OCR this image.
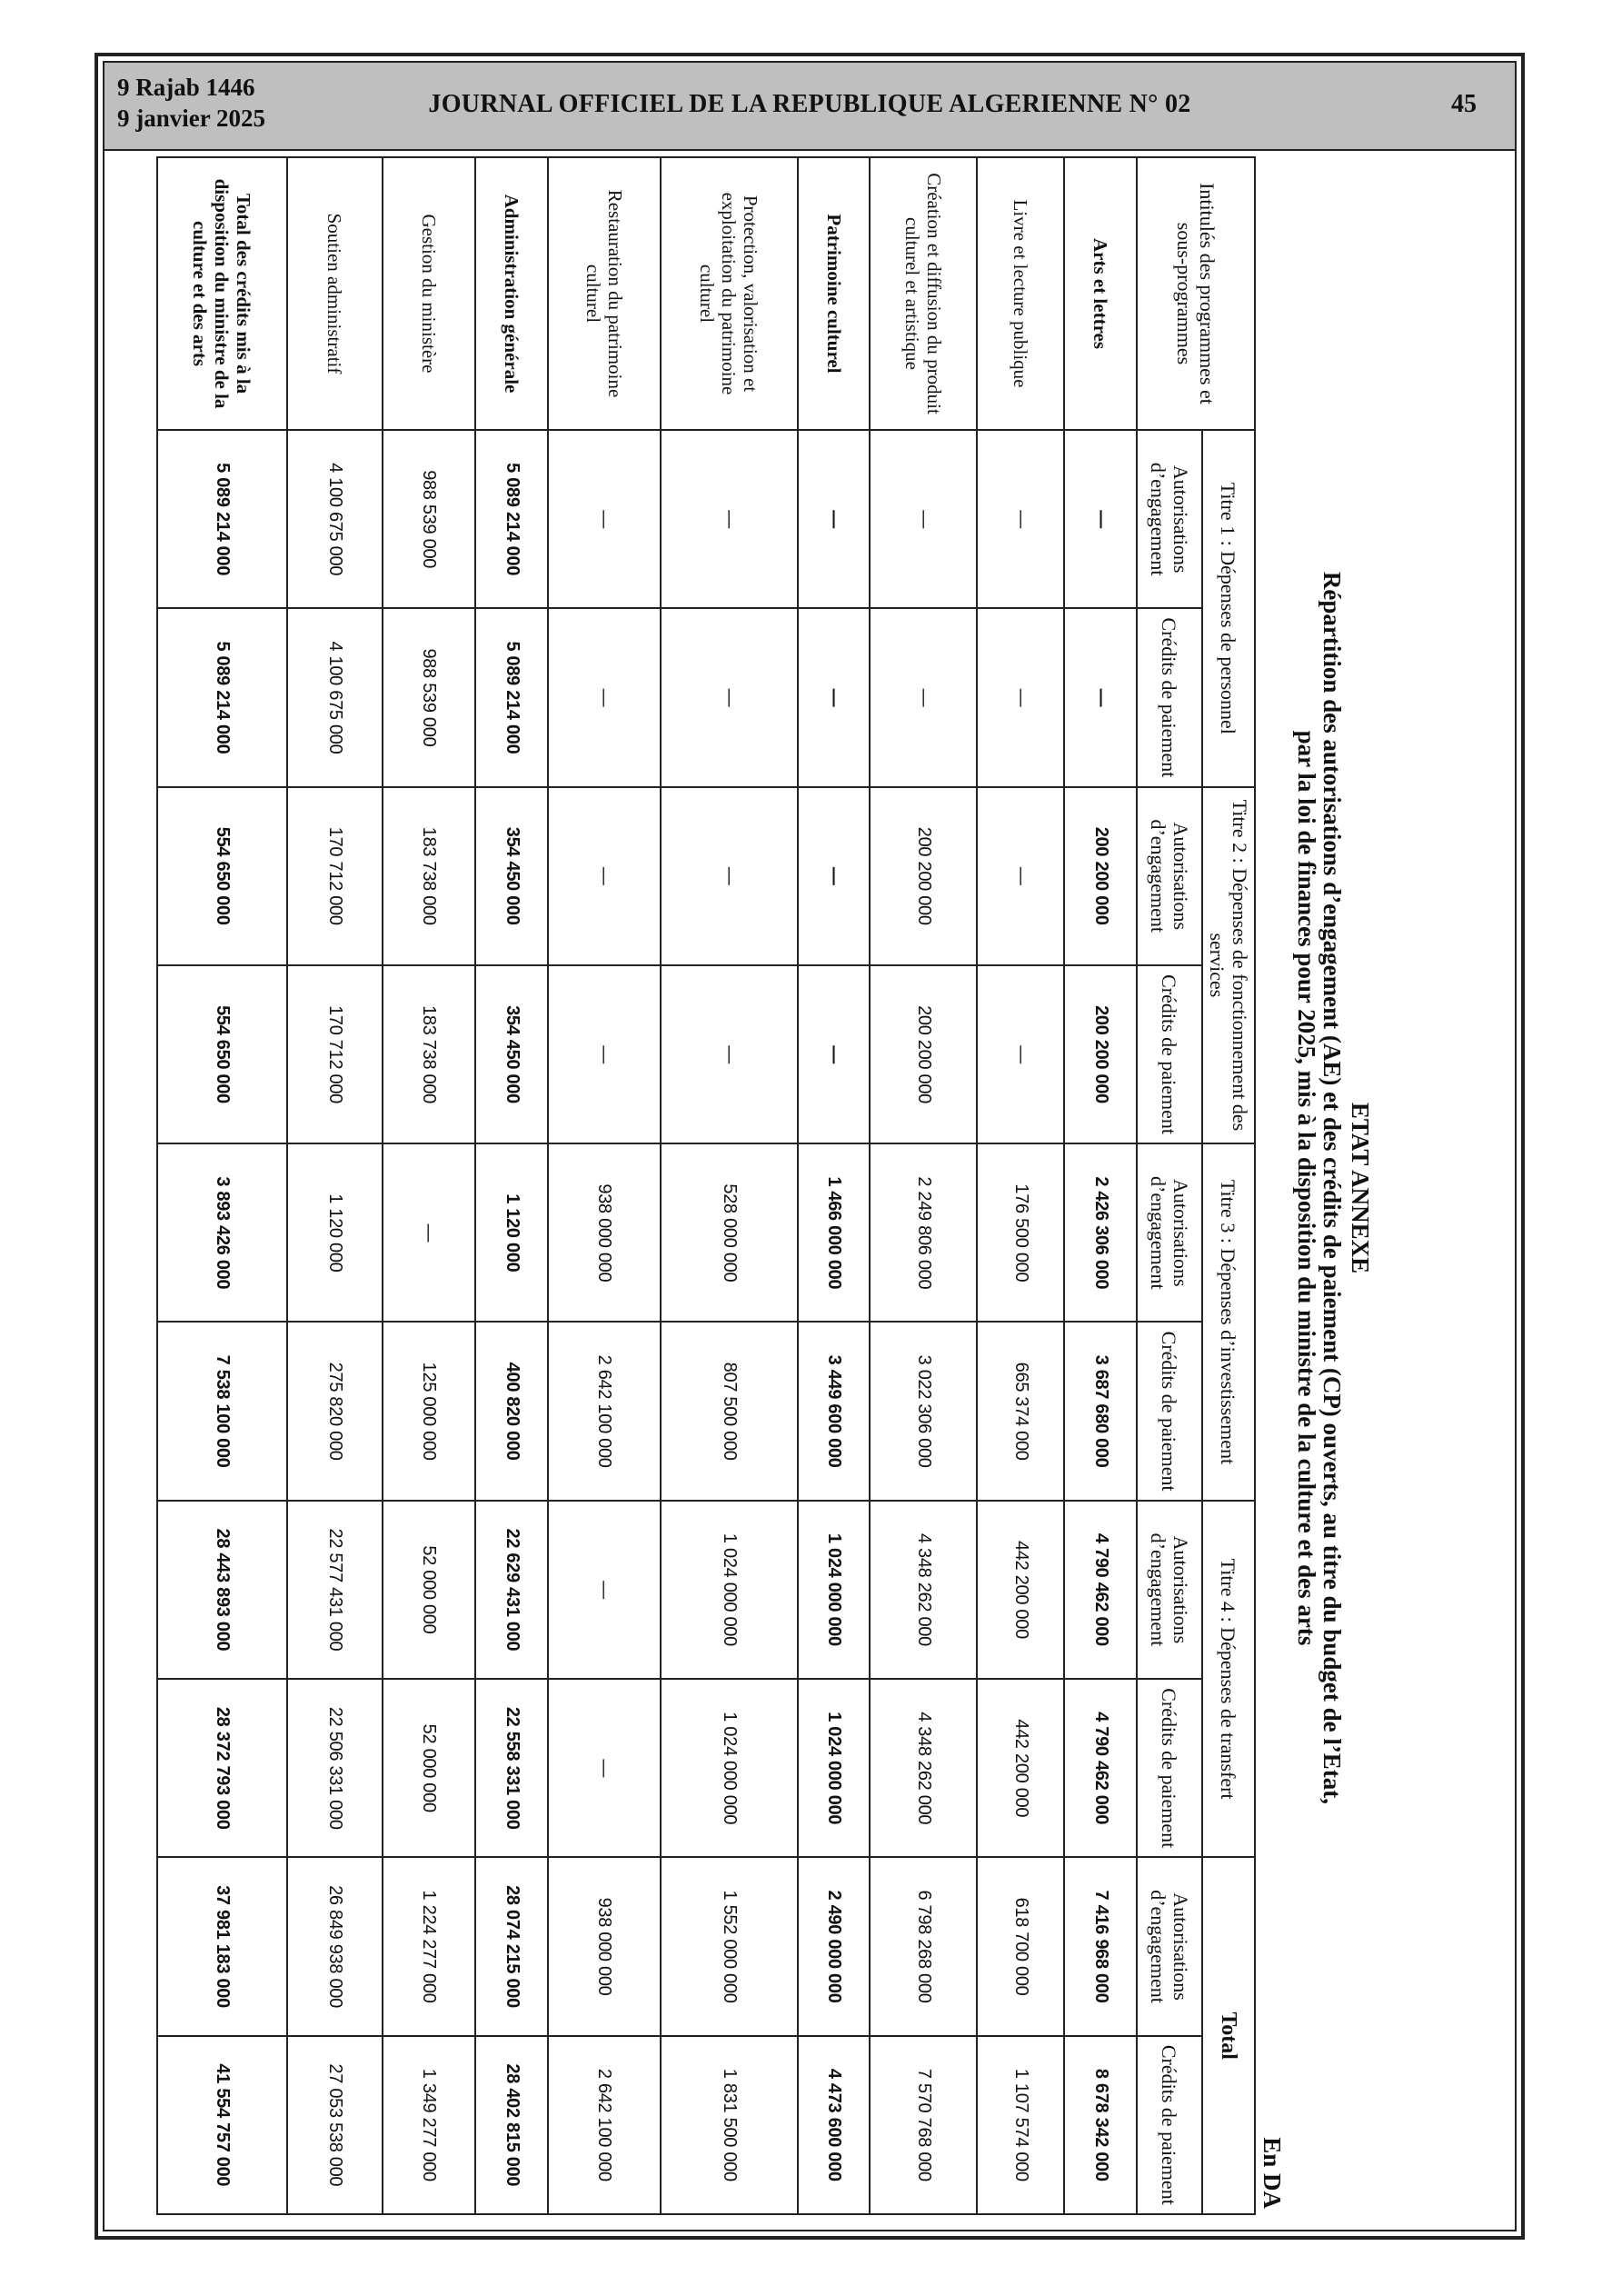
9 Rajab 1446
9 janvier 2025	JOURNAL OFFICIEL DE LA REPUBLIQUE ALGERIENNE N° 02	45
ETAT ANNEXE
Répartition des autorisations d’engagement (AE) et des crédits de paiement (CP) ouverts, au titre du budget de l’Etat,
par la loi de finances pour 2025, mis à la disposition du ministre de la culture et des arts
En DA
Intitulés des programmes et sous-programmes	Titre 1 : Dépenses de personnel		Titre 2 : Dépenses de fonctionnement des services		Titre 3 : Dépenses d’investissement		Titre 4 : Dépenses de transfert		Total	
	Autorisations d’engagement	Crédits de paiement	Autorisations d’engagement	Crédits de paiement	Autorisations d’engagement	Crédits de paiement	Autorisations d’engagement	Crédits de paiement	Autorisations d’engagement	Crédits de paiement
Arts et lettres	—	—	200 200 000	200 200 000	2 426 306 000	3 687 680 000	4 790 462 000	4 790 462 000	7 416 968 000	8 678 342 000
Livre et lecture publique	—	—	—	—	176 500 000	665 374 000	442 200 000	442 200 000	618 700 000	1 107 574 000
Création et diffusion du produit culturel et artistique	—	—	200 200 000	200 200 000	2 249 806 000	3 022 306 000	4 348 262 000	4 348 262 000	6 798 268 000	7 570 768 000
Patrimoine culturel	—	—	—	—	1 466 000 000	3 449 600 000	1 024 000 000	1 024 000 000	2 490 000 000	4 473 600 000
Protection, valorisation et exploitation du patrimoine culturel	—	—	—	—	528 000 000	807 500 000	1 024 000 000	1 024 000 000	1 552 000 000	1 831 500 000
Restauration du patrimoine culturel	—	—	—	—	938 000 000	2 642 100 000	—	—	938 000 000	2 642 100 000
Administration générale	5 089 214 000	5 089 214 000	354 450 000	354 450 000	1 120 000	400 820 000	22 629 431 000	22 558 331 000	28 074 215 000	28 402 815 000
Gestion du ministère	988 539 000	988 539 000	183 738 000	183 738 000	—	125 000 000	52 000 000	52 000 000	1 224 277 000	1 349 277 000
Soutien administratif	4 100 675 000	4 100 675 000	170 712 000	170 712 000	1 120 000	275 820 000	22 577 431 000	22 506 331 000	26 849 938 000	27 053 538 000
Total des crédits mis à la disposition du ministre de la culture et des arts	5 089 214 000	5 089 214 000	554 650 000	554 650 000	3 893 426 000	7 538 100 000	28 443 893 000	28 372 793 000	37 981 183 000	41 554 757 000
